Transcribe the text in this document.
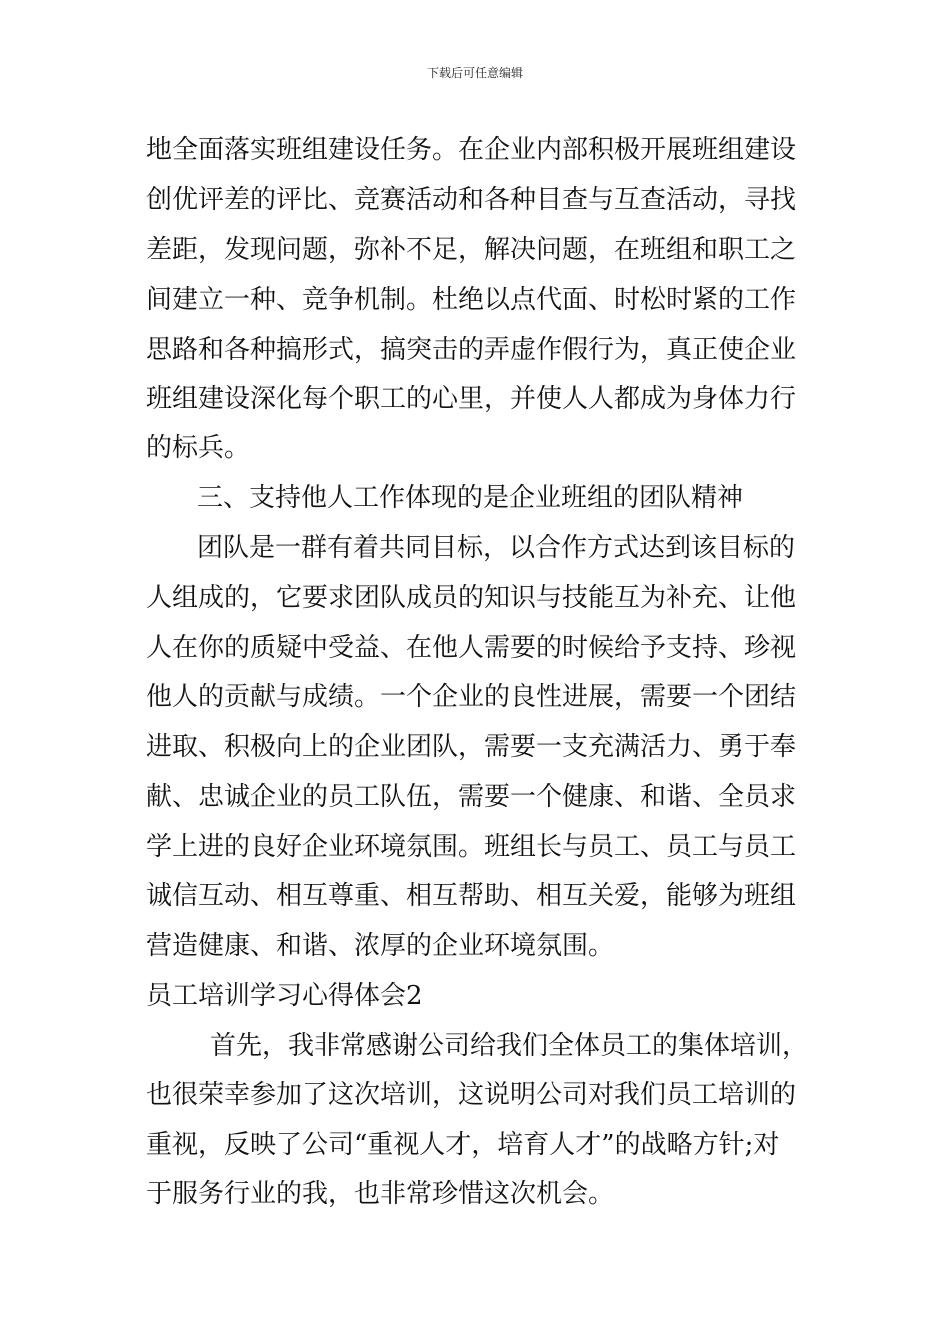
下载后可任意编辑
地全面落实班组建设任务。在企业内部积极开展班组建设
创优评差的评比、竞赛活动和各种目查与互查活动，寻找
差距，发现问题，弥补不足，解决问题，在班组和职工之
间建立一种、竞争机制。杜绝以点代面、时松时紧的工作
思路和各种搞形式，搞突击的弄虚作假行为，真正使企业
班组建设深化每个职工的心里，并使人人都成为身体力行
的标兵。
三、支持他人工作体现的是企业班组的团队精神
团队是一群有着共同目标，以合作方式达到该目标的
人组成的，它要求团队成员的知识与技能互为补充、让他
人在你的质疑中受益、在他人需要的时候给予支持、珍视
他人的贡献与成绩。一个企业的良性进展，需要一个团结
进取、积极向上的企业团队，需要一支充满活力、勇于奉
献、忠诚企业的员工队伍，需要一个健康、和谐、全员求
学上进的良好企业环境氛围。班组长与员工、员工与员工
诚信互动、相互尊重、相互帮助、相互关爱，能够为班组
营造健康、和谐、浓厚的企业环境氛围。
员工培训学习心得体会2
首先，我非常感谢公司给我们全体员工的集体培训，
也很荣幸参加了这次培训，这说明公司对我们员工培训的
重视，反映了公司“重视人才，培育人才”的战略方针;对
于服务行业的我，也非常珍惜这次机会。
